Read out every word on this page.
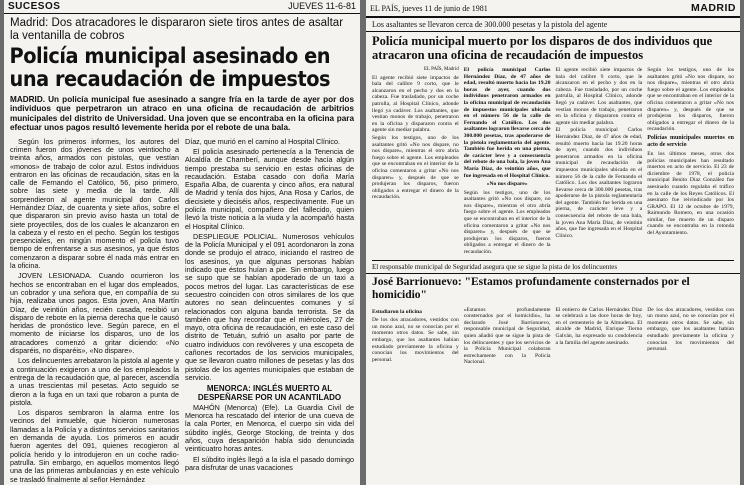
SUCESOS	JUEVES 11-6-81
Madrid: Dos atracadores le dispararon siete tiros antes de asaltar la ventanilla de cobros
Policía municipal asesinado en una recaudación de impuestos
MADRID. Un policía municipal fue asesinado a sangre fría en la tarde de ayer por dos individuos que perpetraron un atraco en una oficina de recaudación de arbitrios municipales del distrito de Universidad. Una joven que se encontraba en la oficina para efectuar unos pagos resultó levemente herida por el rebote de una bala.

Según los primeros informes, los autores del crimen fueron dos jóvenes de unos veintiocho a treinta años, armados con pistolas, que vestían «monos» de trabajo de color azul. Estos individuos entraron en las oficinas de recaudación, sitas en la calle de Fernando el Católico, 56, piso primero, sobre las siete y media de la tarde. Allí sorprendieron al agente municipal don Carlos Hernández Díaz, de cuarenta y siete años, sobre el que dispararon sin previo aviso hasta un total de siete proyectiles, dos de los cuales le alcanzaron en la cabeza y el resto en el pecho. Según los testigos presenciales, en ningún momento el policía tuvo tiempo de enfrentarse a sus asesinos, ya que éstos comenzaron a disparar sobre él nada más entrar en la oficina.

JOVEN LESIONADA. Cuando ocurrieron los hechos se encontraban en el lugar dos empleados, un cobrador y una señora que, en compañía de su hija, realizaba unos pagos. Esta joven, Ana Martín Díaz, de veintiún años, recién casada, recibió un disparo de rebote en la pierna derecha que le causó heridas de pronóstico leve. Según parece, en el momento de iniciarse los disparos, uno de los atracadores comenzó a gritar diciendo: «No disparéis, no disparéis», «No dispare».

Los delincuentes arrebataron la pistola al agente y a continuación exigieron a uno de los empleados la entrega de la recaudación que, al parecer, ascendía a unas trescientas mil pesetas. Acto seguido se dieron a la fuga en un taxi que robaron a punta de pistola.

Los disparos sembraron la alarma entre los vecinos del inmueble, que hicieron numerosas llamadas a la Policía y a distintos servicios sanitarios en demanda de ayuda. Los primeros en acudir fueron agentes del 091, quienes recogieron al policía herido y lo introdujeron en un coche radio-patrulla. Sin embargo, en aquellos momentos llegó una de las primeras ambulancias y en este vehículo se trasladó finalmente al señor Hernández

Díaz, que murió en el camino al Hospital Clínico.

El policía asesinado pertenecía a la Tenencia de Alcaldía de Chamberí, aunque desde hacía algún tiempo prestaba su servicio en estas oficinas de recaudación. Estaba casado con doña María España Alba, de cuarenta y cinco años, era natural de Madrid y tenía dos hijos, Ana Rosa y Carlos, de diecisiete y dieciséis años, respectivamente. Fue un policía municipal, compañero del fallecido, quien llevó la triste noticia a la viuda y la acompañó hasta el Hospital Clínico.

DESPLIEGUE POLICIAL. Numerosos vehículos de la Policía Municipal y el 091 acordonaron la zona donde se produjo el atraco, iniciando el rastreo de los asesinos, ya que algunas personas habían indicado que éstos huían a pie. Sin embargo, luego se supo que se habían apoderado de un taxi a pocos metros del lugar. Las características de ese secuestro coinciden con otros similares de los que autores no sean delincuentes comunes y sí relacionados con alguna banda terrorista. Se da también que hay recordar que el miércoles, 27 de mayo, otra oficina de recaudación, en este caso del distrito de Tetuán, sufrió un asalto por parte de cuatro individuos con revólveres y una escopeta de cañones recortados de los servicios municipales, que se llevaron cuatro millones de pesetas y las dos pistolas de los agentes municipales que estaban de servicio.

MENORCA: INGLÉS MUERTO AL DESPEÑARSE POR UN ACANTILADO

MAHÓN (Menorca) (Efe). La Guardia Civil de Menorca ha rescatado del interior de una cueva de la cala Porter, en Menorca, el cuerpo sin vida del súbdito inglés, George Stocking, de treinta y dos años, cuya desaparición había sido denunciada veinticuatro horas antes.

El súbdito inglés llegó a la isla el pasado domingo para disfrutar de unas vacaciones

EL PAÍS, jueves 11 de junio de 1981	MADRID
Los asaltantes se llevaron cerca de 300.000 pesetas y la pistola del agente
Policía municipal muerto por los disparos de dos individuos que atracaron una oficina de recaudación de impuestos

EL PAÍS, Madrid

El agente recibió siete impactos de bala del calibre 9 corto, que le alcanzaron en el pecho y dos en la cabeza. Fue trasladado, por un coche patrulla, al Hospital Clínico, adonde llegó ya cadáver. Los asaltantes, que vestían monos de trabajo, penetraron en la oficina y dispararon contra el agente sin mediar palabra.

Según los testigos, uno de los asaltantes gritó «No nos dispare, no nos dispare», mientras el otro abría fuego sobre el agente. Los empleados que se encontraban en el interior de la oficina comentaron a gritar «No nos disparen» y, después de que se produjeran los disparos, fueron obligados a entregar el dinero de la recaudación.

El policía municipal Carlos Hernández Díaz, de 47 años de edad, resultó muerto hacia las 19.20 horas de ayer, cuando dos individuos penetraron armados en la oficina municipal de recaudación de impuestos municipales ubicada en el número 56 de la calle de Fernando el Católico. Los dos asaltantes lograron llevarse cerca de 300.000 pesetas, tras apoderarse de la pistola reglamentaria del agente. También fue herida en una pierna, de carácter leve y a consecuencia del rebote de una bala, la joven Ana María Díaz, de veintiún años, que fue ingresada en el Hospital Clínico.

«No nos dispare»

Según los testigos, uno de los asaltantes gritó «No nos dispare, no nos dispare», mientras el otro abría fuego sobre el agente. Los empleados que se encontraban en el interior de la oficina comentaron a gritar «No nos disparen» y, después de que se produjeran los disparos, fueron obligados a entregar el dinero de la recaudación.

El agente recibió siete impactos de bala del calibre 9 corto, que le alcanzaron en el pecho y dos en la cabeza. Fue trasladado, por un coche patrulla, al Hospital Clínico, adonde llegó ya cadáver. Los asaltantes, que vestían monos de trabajo, penetraron en la oficina y dispararon contra el agente sin mediar palabra.

El policía municipal Carlos Hernández Díaz, de 47 años de edad, resultó muerto hacia las 19.20 horas de ayer, cuando dos individuos penetraron armados en la oficina municipal de recaudación de impuestos municipales ubicada en el número 56 de la calle de Fernando el Católico. Los dos asaltantes lograron llevarse cerca de 300.000 pesetas, tras apoderarse de la pistola reglamentaria del agente. También fue herida en una pierna, de carácter leve y a consecuencia del rebote de una bala, la joven Ana María Díaz, de veintiún años, que fue ingresada en el Hospital Clínico.

Según los testigos, uno de los asaltantes gritó «No nos dispare, no nos dispare», mientras el otro abría fuego sobre el agente. Los empleados que se encontraban en el interior de la oficina comentaron a gritar «No nos disparen» y, después de que se produjeran los disparos, fueron obligados a entregar el dinero de la recaudación.

Policías municipales muertos en acto de servicio

En los últimos meses, otros dos policías municipales han resultado muertos en acto de servicio. El 23 de diciembre de 1978, el policía municipal Benito Díaz González fue asesinado cuando regulaba el tráfico en la calle de los Reyes Católicos. El asesinato fue reivindicado por los GRAPO. El 12 de octubre de 1979, Raimundo Romero, en una ocasión similar, fue muerto de un disparo cuando se encontraba en la rotonda del Ayuntamiento.

El responsable municipal de Seguridad asegura que se sigue la pista de los delincuentes
José Barrionuevo: "Estamos profundamente consternados por el homicidio"

Estudiaron la oficina

De los dos atracadores, vestidos con un mono azul, no se conocían por el momento otros datos. Se sabe, sin embargo, que los asaltantes habían estudiado previamente la oficina y conocían los movimientos del personal.

«Estamos profundamente consternados por el homicidio», ha declarado José Barrionuevo, responsable municipal de Seguridad, quien añadió que se sigue la pista de los delincuentes y que los servicios de la Policía Municipal colaboran estrechamente con la Policía Nacional.

El entierro de Carlos Hernández Díaz se celebrará a las doce horas de hoy, en el cementerio de la Almudena. El alcalde de Madrid, Enrique Tierno Galván, ha expresado su condolencia a la familia del agente asesinado.

De los dos atracadores, vestidos con un mono azul, no se conocían por el momento otros datos. Se sabe, sin embargo, que los asaltantes habían estudiado previamente la oficina y conocían los movimientos del personal.
